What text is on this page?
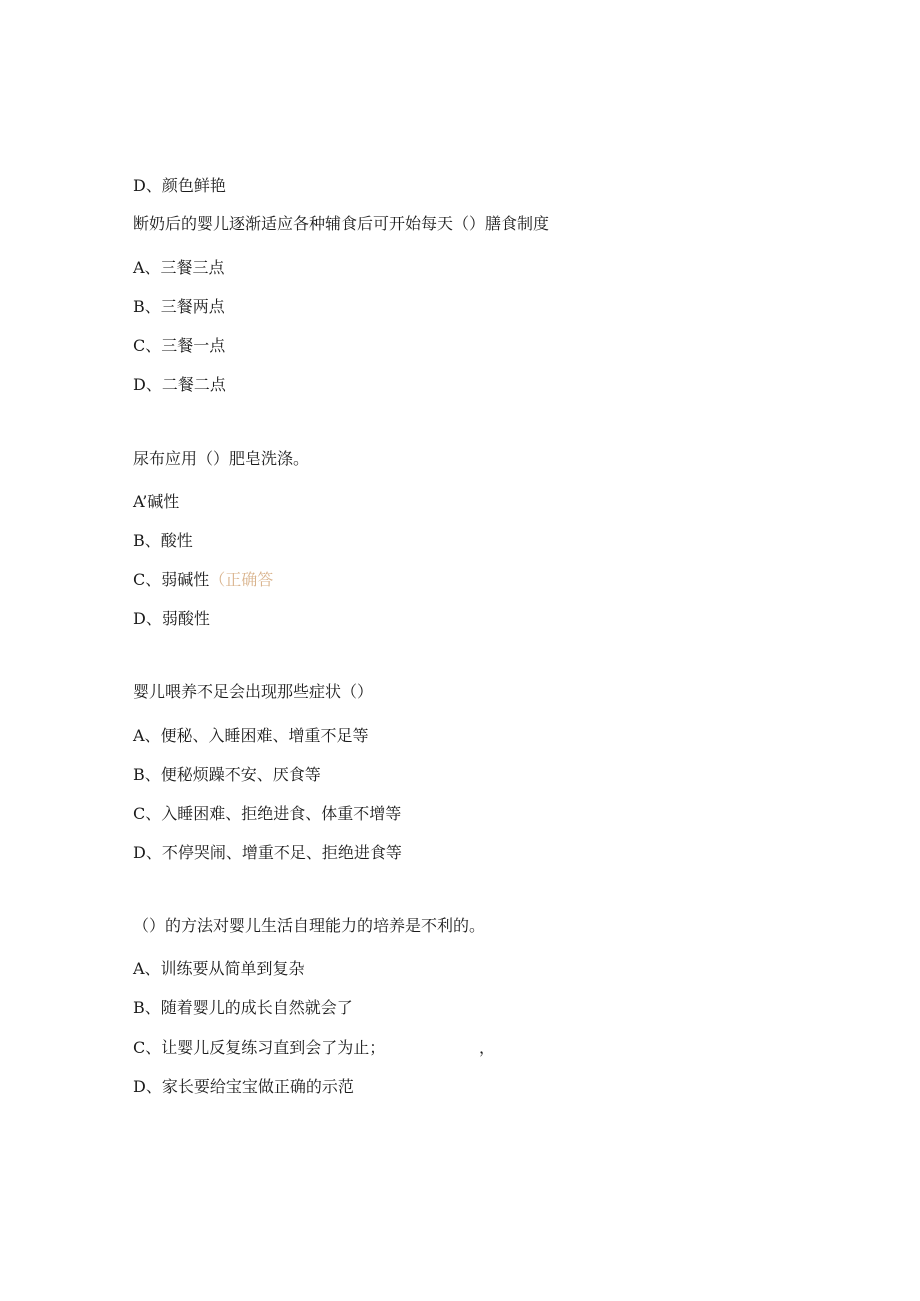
D、颜色鲜艳
断奶后的婴儿逐渐适应各种辅食后可开始每天（）膳食制度
A、三餐三点
B、三餐两点
C、三餐一点
D、二餐二点
尿布应用（）肥皂洗涤。
A’碱性
B、酸性
C、弱碱性（正确答
D、弱酸性
婴儿喂养不足会出现那些症状（）
A、便秘、入睡困难、增重不足等
B、便秘烦躁不安、厌食等
C、入睡困难、拒绝进食、体重不增等
D、不停哭闹、增重不足、拒绝进食等
（）的方法对婴儿生活自理能力的培养是不利的。
A、训练要从简单到复杂
B、随着婴儿的成长自然就会了
C、让婴儿反复练习直到会了为止；	，
D、家长要给宝宝做正确的示范
